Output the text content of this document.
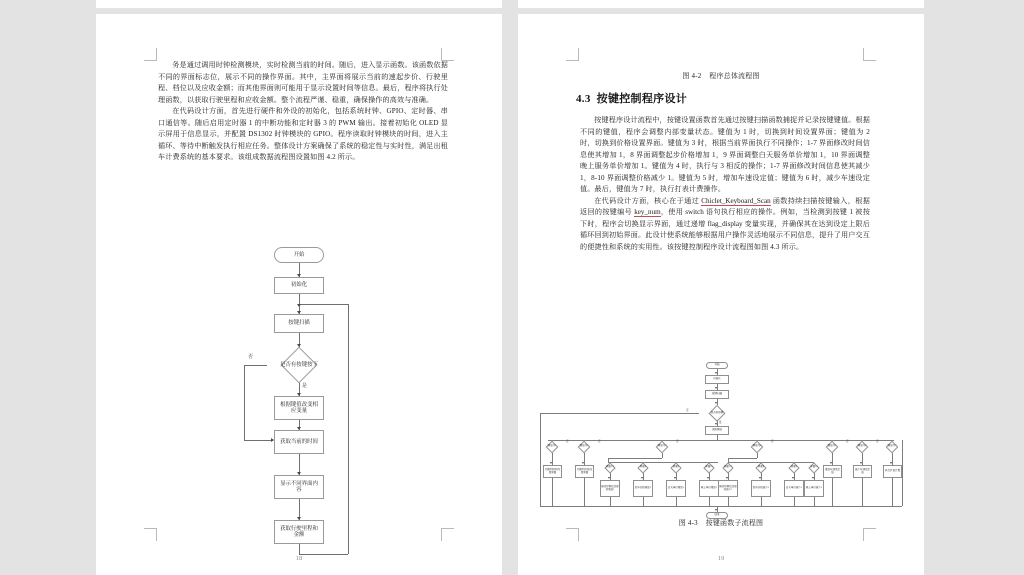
务是通过调用时钟检测模块，实时检测当前的时间。随后，进入显示函数。该函数依据不同的界面标志位，展示不同的操作界面。其中，主界面将展示当前的速起步价、行驶里程、档位以及应收金额；而其他界面则可能用于显示设置时间等信息。最后，程序将执行处理函数，以获取行驶里程和应收金额。整个流程严谨、稳重，确保操作的高效与准确。

在代码设计方面，首先进行硬件和外设的初始化，包括系统时钟、GPIO、定时器、串口通信等。随后启用定时器 1 的中断功能和定时器 3 的 PWM 输出。接着初始化 OLED 显示屏用于信息显示，并配置 DS1302 时钟模块的 GPIO。程序读取时钟模块的时间，进入主循环、等待中断触发执行相应任务。整体设计方案确保了系统的稳定性与实时性，满足出租车计费系统的基本要求。该组成数据流程图设置如图 4.2 所示。

开始
初始化
按键扫描
是否有按键按下
否
是
根据键值改变相应变量
获取当前的时间
显示不同界面内容
获取行驶里程和金额
18
图 4-2 程序总体流程图
4.3 按键控制程序设计

按键程序设计流程中，按键设置函数首先通过按键扫描函数捕捉并记录按键键值。根据不同的键值，程序会调整内部变量状态。键值为 1 时，切换到时间设置界面；键值为 2 时，切换到价格设置界面。键值为 3 时，根据当前界面执行不同操作；1-7 界面修改时间信息使其增加 1，8 界面调整起步价格增加 1，9 界面调整白天服务单价增加 1，10 界面调整晚上服务单价增加 1。键值为 4 时，执行与 3 相反的操作；1-7 界面修改时间信息使其减少 1，8-10 界面调整价格减少 1。键值为 5 时，增加车速设定值；键值为 6 时，减少车速设定值。最后，键值为 7 时，执行打表计费操作。

在代码设计方面，核心在于通过 Chiclet_Keyboard_Scan 函数持续扫描按键输入，根据返回的按键编号 key_num，使用 switch 语句执行相应的操作。例如，当检测到按键 1 被按下时，程序会切换显示界面，通过递增 flag_display 变量实现，并确保其在达到设定上限后循环回到初始界面。此设计使系统能够根据用户操作灵活地展示不同信息，提升了用户交互的便捷性和系统的实用性。该按键控制程序设计流程图如图 4.3 所示。

开始
初始化
按键扫描
是否有按键
否
是
读取键值
键值为1	键值为2	键值为3	键值为4	键值为5	键值为6	键值为7
否	否	否	否	否	否
切换到时间设置界面
切换到价格设置界面
界面1-7	界面8	界面9	界面10
修改时间信息使其增加1	起步价格增加1	白天单价增加1	晚上单价增加1
界面1-7	界面8	界面9	界面10
修改时间信息使其减少1	起步价格减少1	白天单价减少1	晚上单价减少1
增加车速设定值
减少车速设定值	执行打表计费
结束
图 4-3 按键函数子流程图
19
